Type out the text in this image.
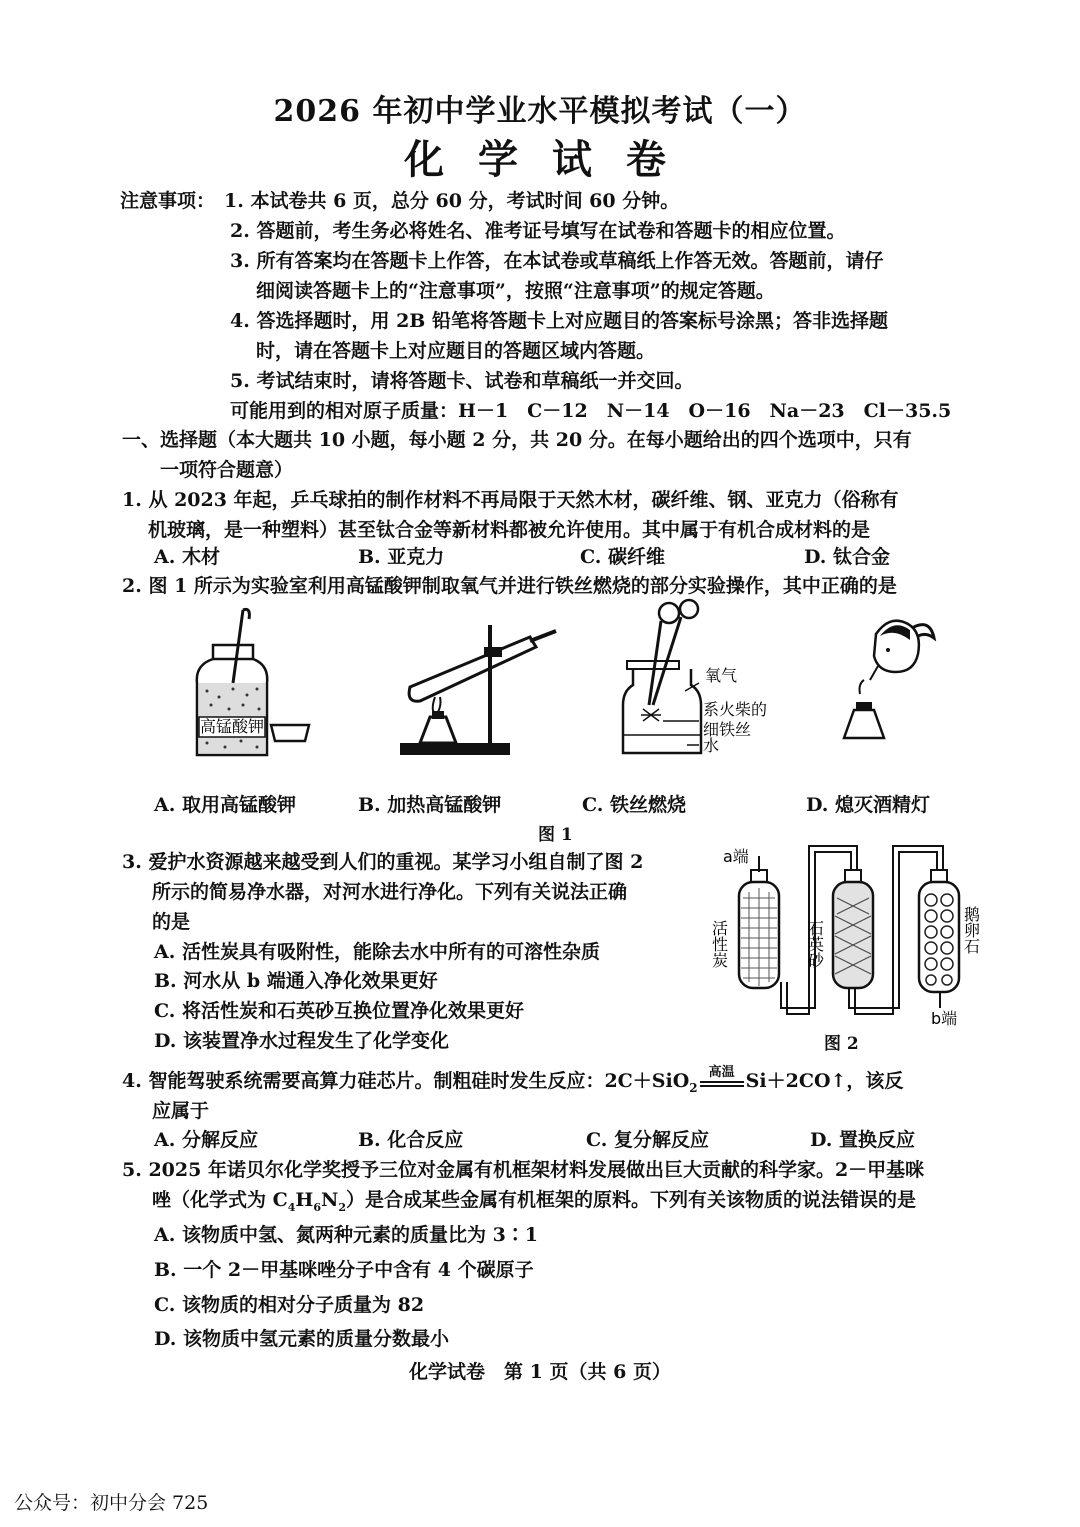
2026 年初中学业水平模拟考试（一）
化 学 试 卷
注意事项： 1. 本试卷共 6 页，总分 60 分，考试时间 60 分钟。
2. 答题前，考生务必将姓名、准考证号填写在试卷和答题卡的相应位置。
3. 所有答案均在答题卡上作答，在本试卷或草稿纸上作答无效。答题前，请仔
细阅读答题卡上的“注意事项”，按照“注意事项”的规定答题。
4. 答选择题时，用 2B 铅笔将答题卡上对应题目的答案标号涂黑；答非选择题
时，请在答题卡上对应题目的答题区域内答题。
5. 考试结束时，请将答题卡、试卷和草稿纸一并交回。
可能用到的相对原子质量：H－1　C－12　N－14　O－16　Na－23　Cl－35.5
一、选择题（本大题共 10 小题，每小题 2 分，共 20 分。在每小题给出的四个选项中，只有
一项符合题意）
1. 从 2023 年起，乒乓球拍的制作材料不再局限于天然木材，碳纤维、钢、亚克力（俗称有
机玻璃，是一种塑料）甚至钛合金等新材料都被允许使用。其中属于有机合成材料的是
A. 木材	B. 亚克力	C. 碳纤维	D. 钛合金
2. 图 1 所示为实验室利用高锰酸钾制取氧气并进行铁丝燃烧的部分实验操作，其中正确的是
高锰酸钾
氧气
系火柴的
细铁丝
水
A. 取用高锰酸钾	B. 加热高锰酸钾	C. 铁丝燃烧	D. 熄灭酒精灯
图 1
3. 爱护水资源越来越受到人们的重视。某学习小组自制了图 2
所示的简易净水器，对河水进行净化。下列有关说法正确
的是
A. 活性炭具有吸附性，能除去水中所有的可溶性杂质
B. 河水从 b 端通入净化效果更好
C. 将活性炭和石英砂互换位置净化效果更好
D. 该装置净水过程发生了化学变化
a端
b端
活性炭	石英砂	鹅卵石
图 2
4. 智能驾驶系统需要高算力硅芯片。制粗硅时发生反应：2C＋SiO$_2$
高温 Si＋2CO↑，该反
应属于
A. 分解反应	B. 化合反应	C. 复分解反应	D. 置换反应
5. 2025 年诺贝尔化学奖授予三位对金属有机框架材料发展做出巨大贡献的科学家。2－甲基咪
唑（化学式为 $C_4H_6N_2$）是合成某些金属有机框架的原料。下列有关该物质的说法错误的是
A. 该物质中氢、氮两种元素的质量比为 3∶1
B. 一个 2－甲基咪唑分子中含有 4 个碳原子
C. 该物质的相对分子质量为 82
D. 该物质中氢元素的质量分数最小
化学试卷　第 1 页（共 6 页）
公众号：初中分会 725
